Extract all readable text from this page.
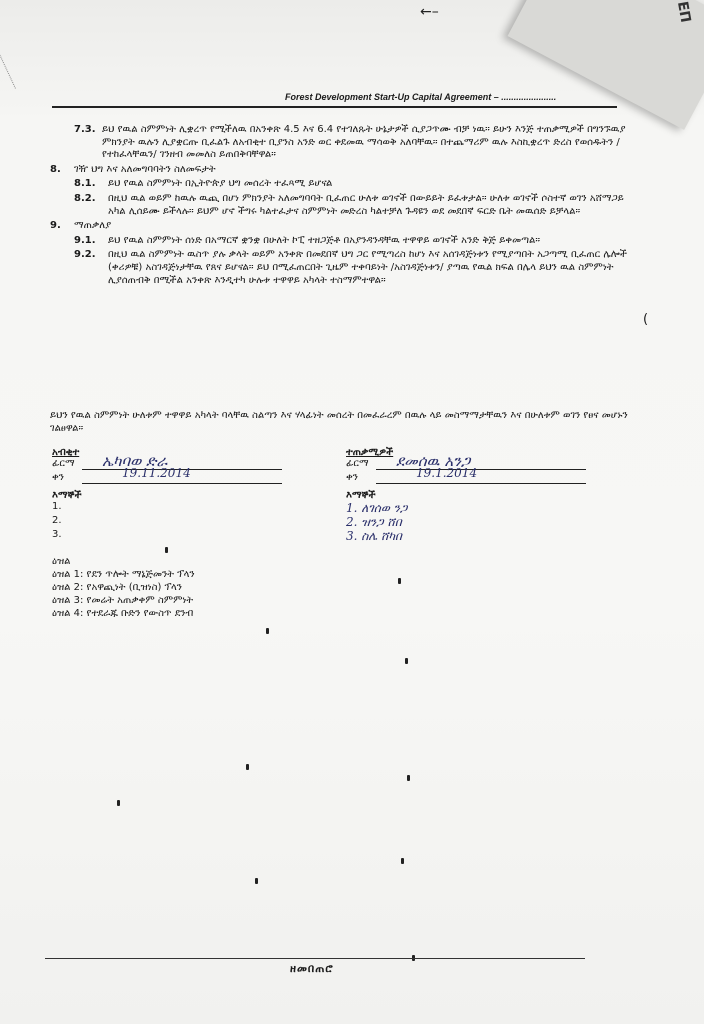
←–	ЕП
Forest Development Start-Up Capital Agreement – ......................

7.3. ይህ የዉል ስምምነት ሊቋረጥ የሚችለዉ በአንቀጽ 4.5 እና 6.4 የተገለጹት ሁኔታዎች ሲያጋጥሙ ብቻ ነዉ። ይሁን እንጅ ተጠቃሚዎች በግንኙዉያ ምክንያት ዉሉን ሊያቋርጡ ቢፈልጉ ለአብቂተ ቢያንስ አንድ ወር ቀደመዉ ማሳወቅ አለባቸዉ። በተጨማሪም ዉሉ እስኪቋረጥ ድረስ የወሰዱትን /የተከፈላቸዉን/ ገንዘብ መመለስ ይጠበቅባቸዋል።

8. ገዥ ህግ እና አለመግባባትን ስለመፍታት

8.1. ይህ የዉል ስምምነት በኢትዮጵያ ህግ መሰረት ተፈጻሚ ይሆናል

8.2. በዚህ ዉል ወይም ከዉሉ ዉጪ በሆነ ምክንያት አለመግባባት ቢፈጠር ሁለቱ ወገኖች በውይይት ይፈቱታል። ሁለቱ ወገኖች ሶስተኛ ወገን አሸማጋይ አካል ሊሰይሙ ይችላሉ። ይህም ሆኖ ችግሩ ካልተፈታና ስምምነት መድረስ ካልተቻለ ጉዳዩን ወደ መደበኛ ፍርድ ቤት መዉሰድ ይቻላል።

9. ማጠቃለያ

9.1. ይህ የዉል ስምምነት ሰነድ በአማርኛ ቋንቋ በሁለት ኮፒ ተዘጋጅቶ በአያንዳንዳቸዉ ተዋዋይ ወገኖች አንድ ቅጅ ይቀመጣል።

9.2. በዚህ ዉል ስምምነት ዉስጥ ያሉ ቃላት ወይም አንቀጽ በመደበኛ ህግ ጋር የሚጣረስ ከሆነ እና አሰገዳጅነቱን የሚያጣበት አጋጣሚ ቢፈጠር ሌሎች (ቀሪዎቹ) አስገዳጅነታቸዉ የጸና ይሆናል። ይህ በሚፈጠርበት ጊዜም ተቀባይነት /አስገዳጅነቱን/ ያጣዉ የዉል ክፍል በሌላ ይህን ዉል ስምምነት ሊያሰጠብቅ በሚችል አንቀጽ እንዲተካ ሁሉቱ ተዋዋይ አካላት ተስማምተዋል።

(
ይህን የዉል ስምምነት ሁለቱም ተዋዋይ አካላት ባላቸዉ ስልጣን እና ሃላፊነት መሰረት በመፈራረም በዉሉ ላይ መስማማታቸዉን እና በሁለቱም ወገን የፀና መሆኑን ገልፀዋል።
አብቂተ
ፊርማ ኤካባወ ድራ
ቀን	19.11.2014
እማኞች
1.
2.
3.
ተጠቃሚዎች
ፊርማ ደመሰዉ አንጋ
ቀን	19.1.2014
እማኞች
1. ለገሰወ ንጋ
2. ዝንጋ ሸበ
3. ስሌ ሸካበ
ዕዝል
ዕዝል 1: የደን ጥሎት ማኔጅመንት ፕላን
ዕዝል 2: የአዋጪነት (ቢዝነስ) ፕላን
ዕዝል 3: የመሬት አጠቃቀም ስምምነት
ዕዝል 4: የተደራጁ ቡድን የውስጥ ደንብ
ዘመበጠሮ
